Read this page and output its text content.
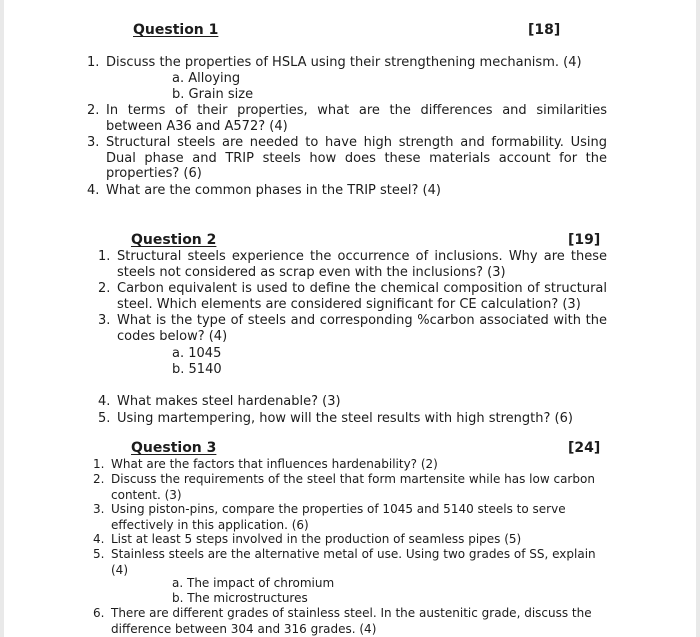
Question 1	[18]
1. Discuss the properties of HSLA using their strengthening mechanism. (4)
a. Alloying
b. Grain size
2. In terms of their properties, what are the differences and similarities between A36 and A572? (4)
3. Structural steels are needed to have high strength and formability. Using Dual phase and TRIP steels how does these materials account for the properties? (6)
4. What are the common phases in the TRIP steel? (4)
Question 2	[19]
1. Structural steels experience the occurrence of inclusions. Why are these steels not considered as scrap even with the inclusions? (3)
2. Carbon equivalent is used to define the chemical composition of structural steel. Which elements are considered significant for CE calculation? (3)
3. What is the type of steels and corresponding %carbon associated with the codes below? (4)
a. 1045
b. 5140
4. What makes steel hardenable? (3)
5. Using martempering, how will the steel results with high strength? (6)
Question 3	[24]
1. What are the factors that influences hardenability? (2)
2. Discuss the requirements of the steel that form martensite while has low carbon content. (3)
3. Using piston-pins, compare the properties of 1045 and 5140 steels to serve effectively in this application. (6)
4. List at least 5 steps involved in the production of seamless pipes (5)
5. Stainless steels are the alternative metal of use. Using two grades of SS, explain (4)
a. The impact of chromium
b. The microstructures
6. There are different grades of stainless steel. In the austenitic grade, discuss the difference between 304 and 316 grades. (4)
